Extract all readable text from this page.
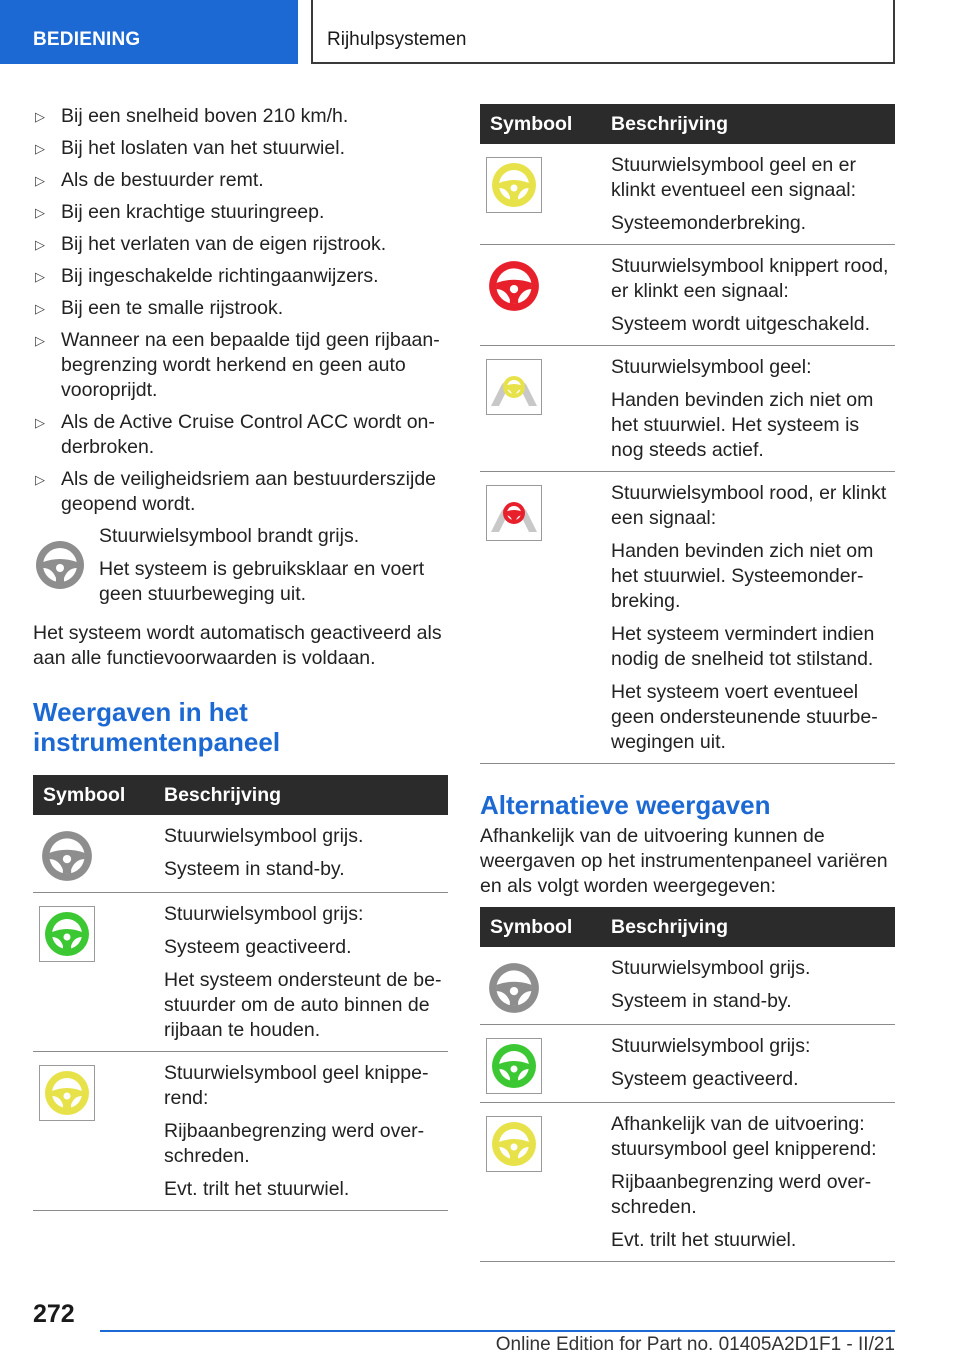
BEDIENING	Rijhulpsystemen
▷ Bij een snelheid boven 210 km/h.
▷ Bij het loslaten van het stuurwiel.
▷ Als de bestuurder remt.
▷ Bij een krachtige stuuringreep.
▷ Bij het verlaten van de eigen rijstrook.
▷ Bij ingeschakelde richtingaanwijzers.
▷ Bij een te smalle rijstrook.
▷ Wanneer na een bepaalde tijd geen rijbaanbegrenzing wordt herkend en geen auto vooroprijdt.
▷ Als de Active Cruise Control ACC wordt onderbroken.
▷ Als de veiligheidsriem aan bestuurderszijde geopend wordt.
Stuurwielsymbool brandt grijs.
Het systeem is gebruiksklaar en voert geen stuurbeweging uit.
Het systeem wordt automatisch geactiveerd als aan alle functievoorwaarden is voldaan.
Weergaven in het instrumentenpaneel
Symbool	Beschrijving

Stuurwielsymbool grijs.
Systeem in stand-by.

Stuurwielsymbool grijs:
Systeem geactiveerd.
Het systeem ondersteunt de bestuurder om de auto binnen de rijbaan te houden.

Stuurwielsymbool geel knipperend:
Rijbaanbegrenzing werd overschreden.
Evt. trilt het stuurwiel.
Symbool	Beschrijving

Stuurwielsymbool geel en er klinkt eventueel een signaal:
Systeemonderbreking.

Stuurwielsymbool knippert rood, er klinkt een signaal:
Systeem wordt uitgeschakeld.

Stuurwielsymbool geel:
Handen bevinden zich niet om het stuurwiel. Het systeem is nog steeds actief.

Stuurwielsymbool rood, er klinkt een signaal:
Handen bevinden zich niet om het stuurwiel. Systeemonderbreking.
Het systeem vermindert indien nodig de snelheid tot stilstand.
Het systeem voert eventueel geen ondersteunende stuurbewegingen uit.
Alternatieve weergaven
Afhankelijk van de uitvoering kunnen de weergaven op het instrumentenpaneel variëren en als volgt worden weergegeven:
Symbool	Beschrijving

Stuurwielsymbool grijs.
Systeem in stand-by.

Stuurwielsymbool grijs:
Systeem geactiveerd.

Afhankelijk van de uitvoering: stuursymbool geel knipperend:
Rijbaanbegrenzing werd overschreden.
Evt. trilt het stuurwiel.
272
Online Edition for Part no. 01405A2D1F1 - II/21
